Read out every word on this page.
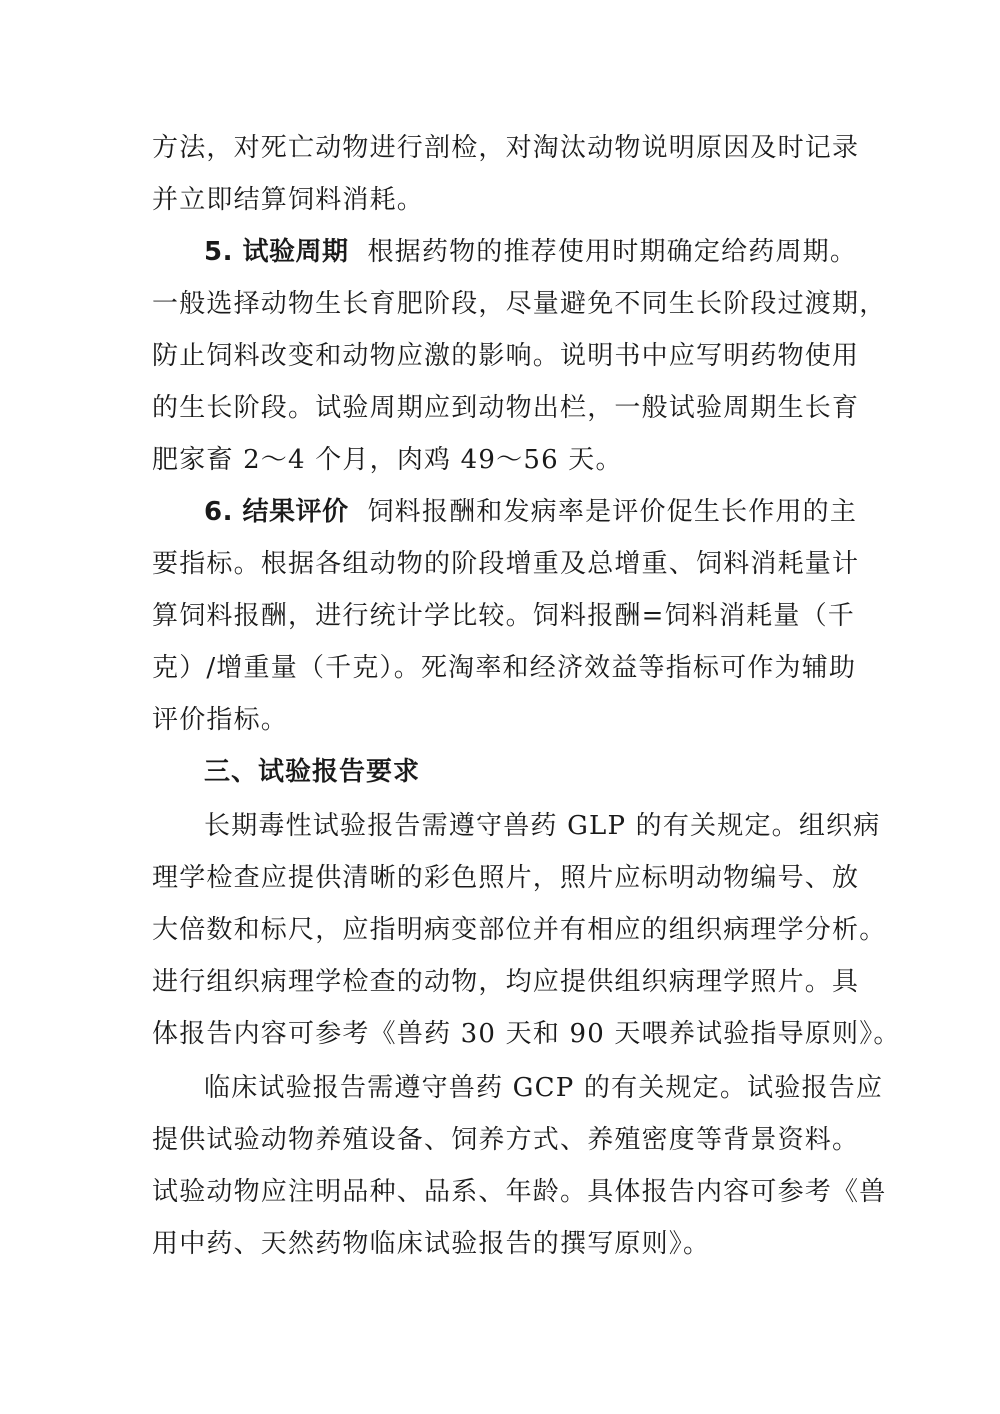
方法，对死亡动物进行剖检，对淘汰动物说明原因及时记录
并立即结算饲料消耗。
5. 试验周期 根据药物的推荐使用时期确定给药周期。
一般选择动物生长育肥阶段，尽量避免不同生长阶段过渡期，
防止饲料改变和动物应激的影响。说明书中应写明药物使用
的生长阶段。试验周期应到动物出栏，一般试验周期生长育
肥家畜 2～4 个月，肉鸡 49～56 天。
6. 结果评价 饲料报酬和发病率是评价促生长作用的主
要指标。根据各组动物的阶段增重及总增重、饲料消耗量计
算饲料报酬，进行统计学比较。饲料报酬=饲料消耗量（千
克）/增重量（千克）。死淘率和经济效益等指标可作为辅助
评价指标。
三、试验报告要求
长期毒性试验报告需遵守兽药 GLP 的有关规定。组织病
理学检查应提供清晰的彩色照片，照片应标明动物编号、放
大倍数和标尺，应指明病变部位并有相应的组织病理学分析。
进行组织病理学检查的动物，均应提供组织病理学照片。具
体报告内容可参考《兽药 30 天和 90 天喂养试验指导原则》。
临床试验报告需遵守兽药 GCP 的有关规定。试验报告应
提供试验动物养殖设备、饲养方式、养殖密度等背景资料。
试验动物应注明品种、品系、年龄。具体报告内容可参考《兽
用中药、天然药物临床试验报告的撰写原则》。
